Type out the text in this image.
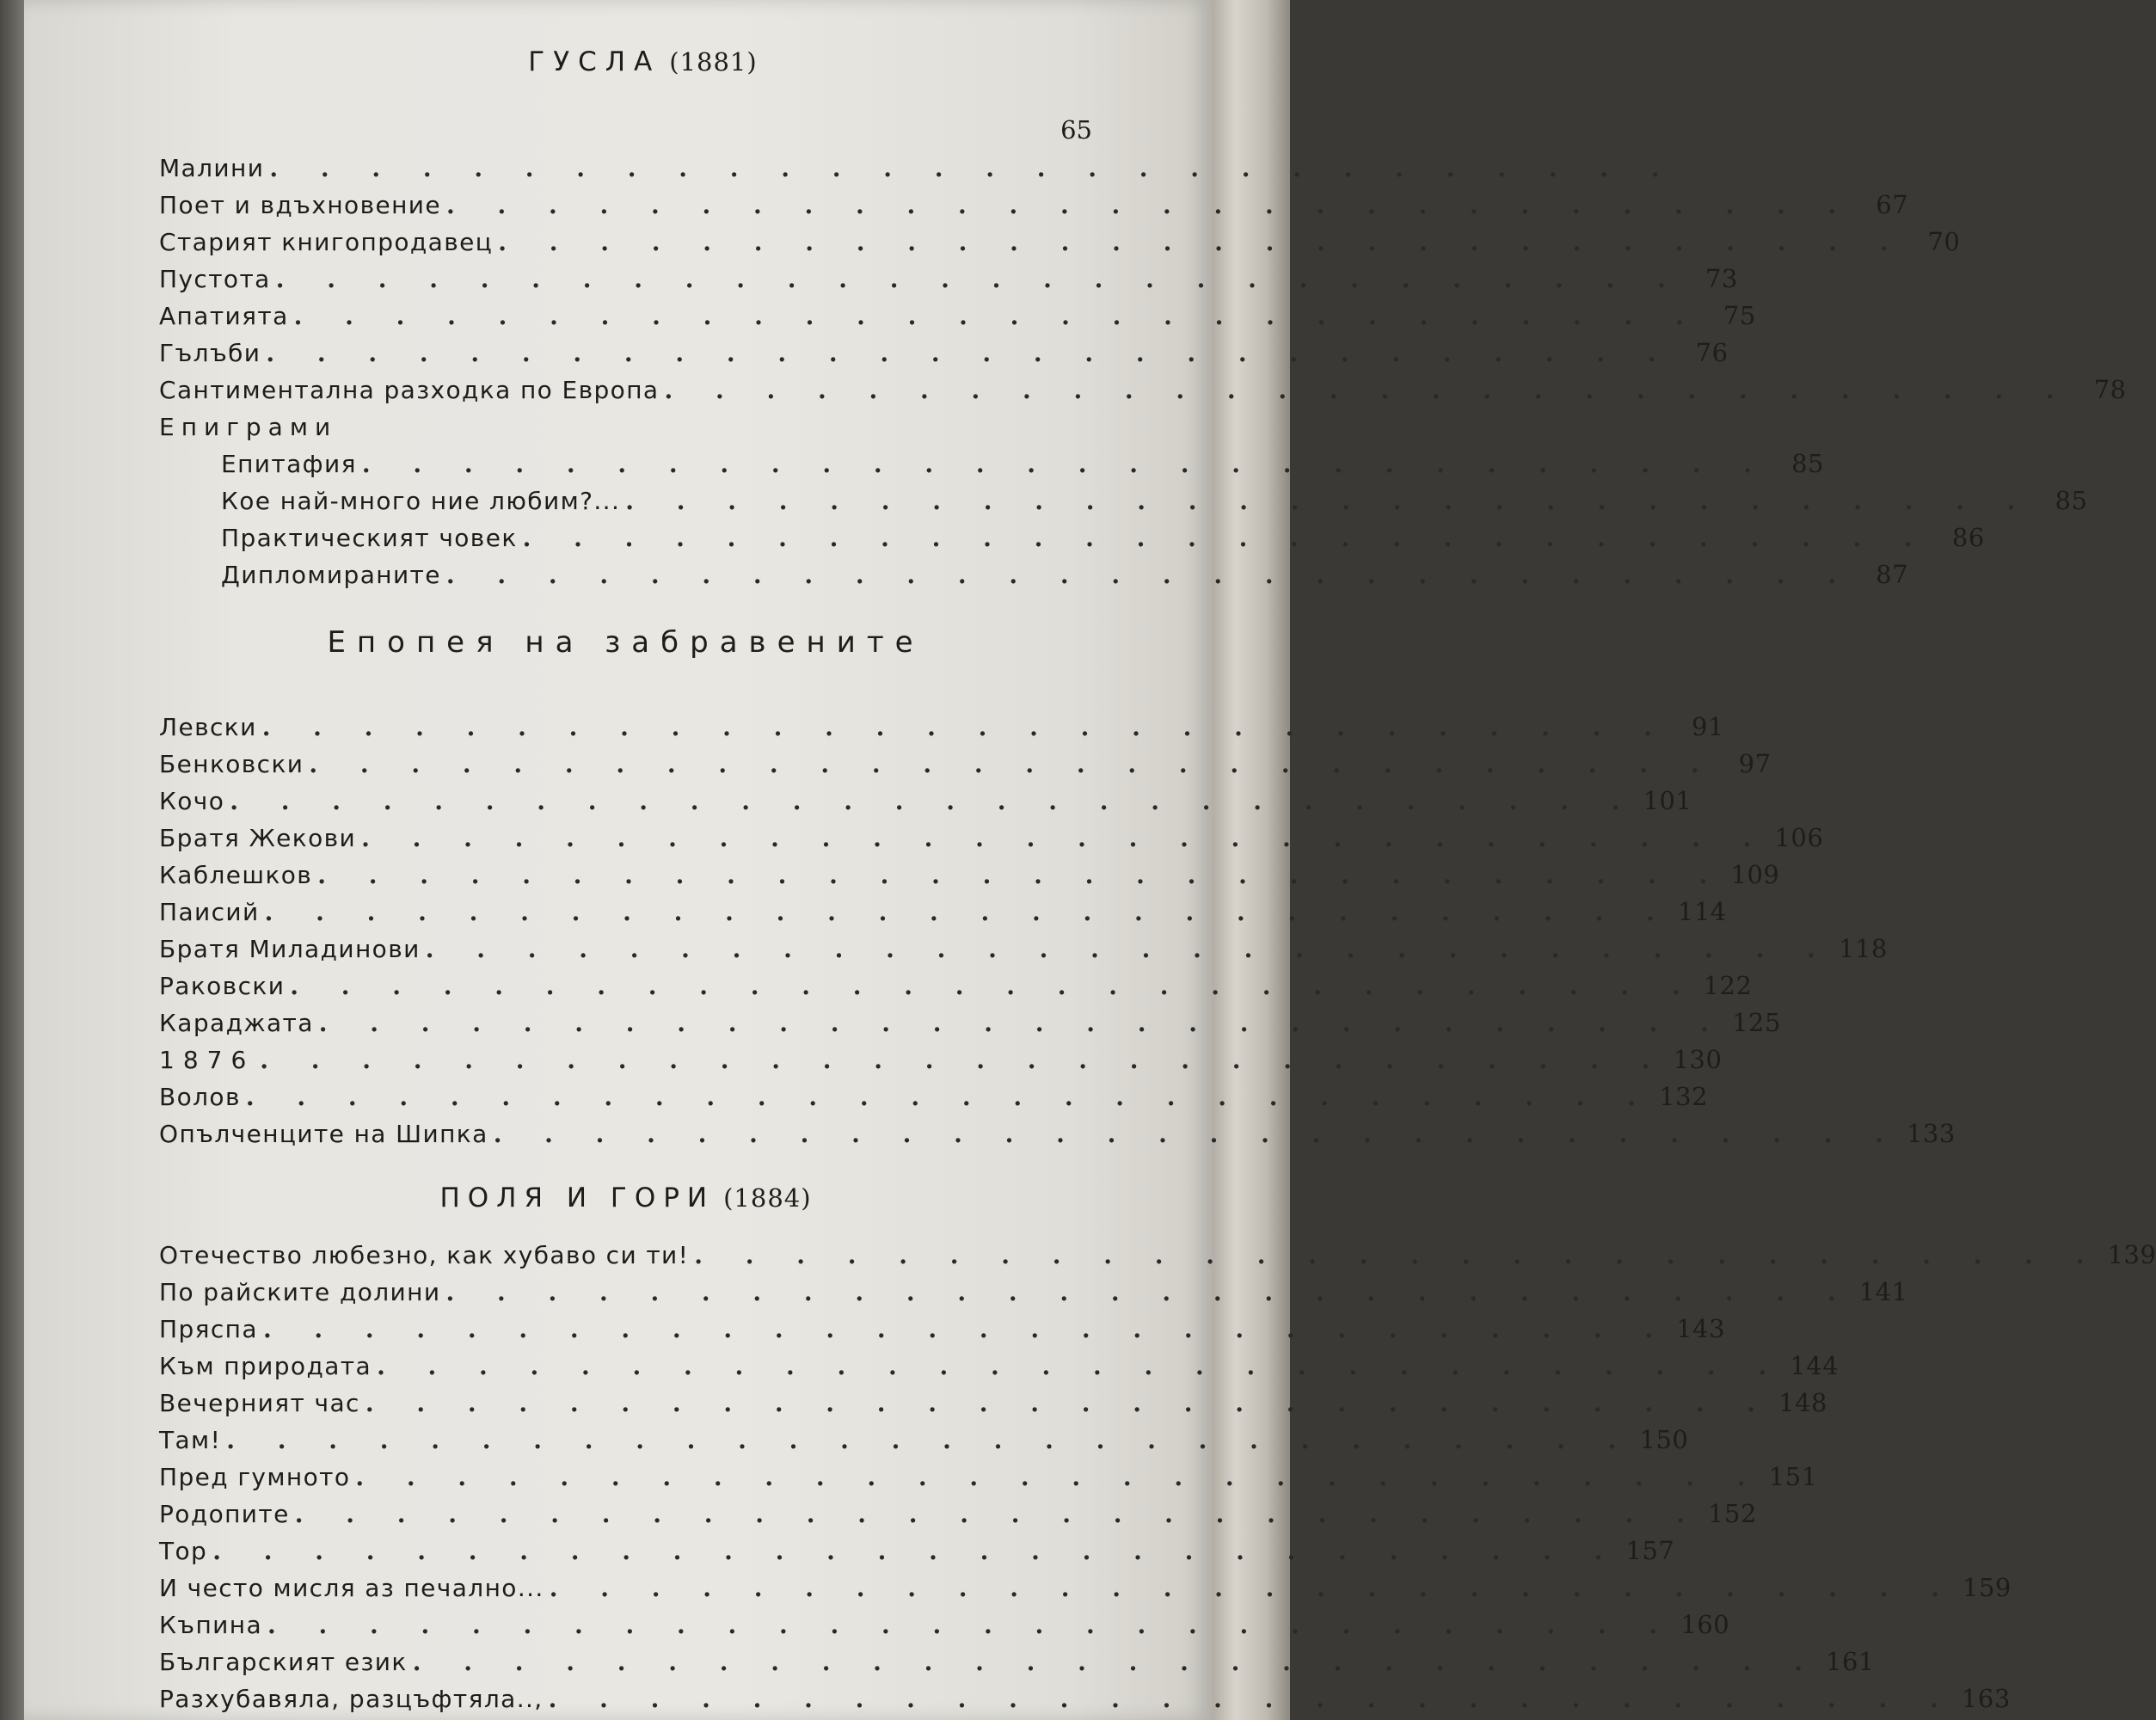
ГУСЛА (1881)
65
Малини . . . . . . . . . . . . . . . . . . . . . . . . . . . .
Поет и вдъхновение . . . . . . . . . . . . . . . . . . . . . . . . . . . . 67
Старият книгопродавец . . . . . . . . . . . . . . . . . . . . . . . . . . . . 70
Пустота . . . . . . . . . . . . . . . . . . . . . . . . . . . . 73
Апатията . . . . . . . . . . . . . . . . . . . . . . . . . . . . 75
Гълъби . . . . . . . . . . . . . . . . . . . . . . . . . . . . 76
Сантиментална разходка по Европа . . . . . . . . . . . . . . . . . . . . . . . . . . . . 78
Епиграми
Епитафия . . . . . . . . . . . . . . . . . . . . . . . . . . . . 85
Кое най-много ние любим?... . . . . . . . . . . . . . . . . . . . . . . . . . . . . 85
Практическият човек . . . . . . . . . . . . . . . . . . . . . . . . . . . . 86
Дипломираните . . . . . . . . . . . . . . . . . . . . . . . . . . . . 87
Епопея на забравените
Левски . . . . . . . . . . . . . . . . . . . . . . . . . . . . 91
Бенковски . . . . . . . . . . . . . . . . . . . . . . . . . . . . 97
Кочо . . . . . . . . . . . . . . . . . . . . . . . . . . . . 101
Братя Жекови . . . . . . . . . . . . . . . . . . . . . . . . . . . . 106
Каблешков . . . . . . . . . . . . . . . . . . . . . . . . . . . . 109
Паисий . . . . . . . . . . . . . . . . . . . . . . . . . . . . 114
Братя Миладинови . . . . . . . . . . . . . . . . . . . . . . . . . . . . 118
Раковски . . . . . . . . . . . . . . . . . . . . . . . . . . . . 122
Караджата . . . . . . . . . . . . . . . . . . . . . . . . . . . . 125
1876 . . . . . . . . . . . . . . . . . . . . . . . . . . . . 130
Волов . . . . . . . . . . . . . . . . . . . . . . . . . . . . 132
Опълченците на Шипка . . . . . . . . . . . . . . . . . . . . . . . . . . . . 133
ПОЛЯ И ГОРИ (1884)
Отечество любезно, как хубаво си ти! . . . . . . . . . . . . . . . . . . . . . . . . . . . . 139
По райските долини . . . . . . . . . . . . . . . . . . . . . . . . . . . . 141
Пряспа . . . . . . . . . . . . . . . . . . . . . . . . . . . . 143
Към природата . . . . . . . . . . . . . . . . . . . . . . . . . . . . 144
Вечерният час . . . . . . . . . . . . . . . . . . . . . . . . . . . . 148
Там! . . . . . . . . . . . . . . . . . . . . . . . . . . . . 150
Пред гумното . . . . . . . . . . . . . . . . . . . . . . . . . . . . 151
Родопите . . . . . . . . . . . . . . . . . . . . . . . . . . . . 152
Тор . . . . . . . . . . . . . . . . . . . . . . . . . . . . 157
И често мисля аз печално... . . . . . . . . . . . . . . . . . . . . . . . . . . . . 159
Къпина . . . . . . . . . . . . . . . . . . . . . . . . . . . . 160
Българският език . . . . . . . . . . . . . . . . . . . . . . . . . . . . 161
Разхубавяла, разцъфтяла.., . . . . . . . . . . . . . . . . . . . . . . . . . . . . 163
